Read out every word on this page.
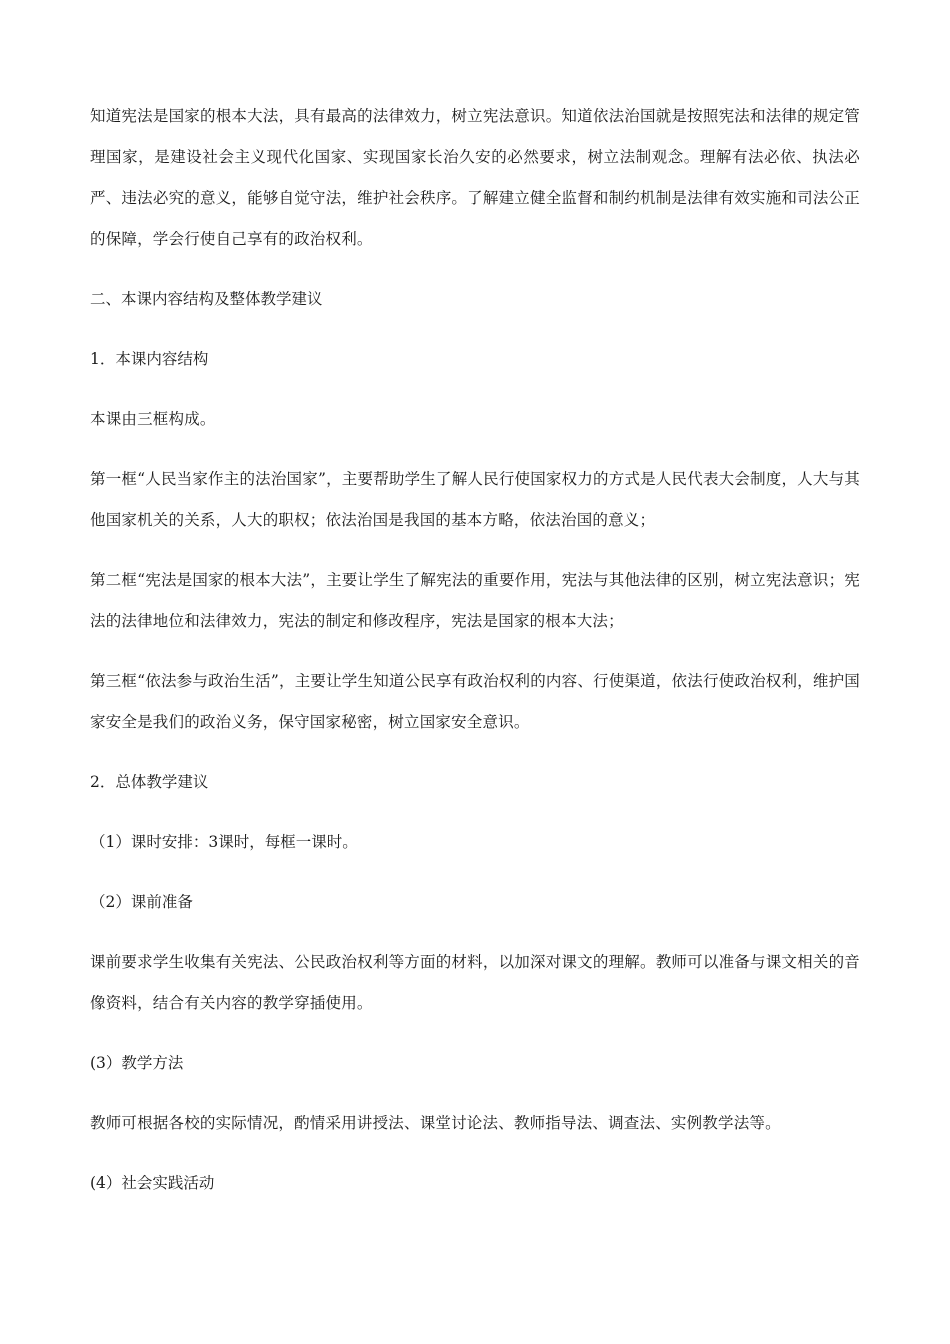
知道宪法是国家的根本大法，具有最高的法律效力，树立宪法意识。知道依法治国就是按照宪法和法律的规定管理国家，是建设社会主义现代化国家、实现国家长治久安的必然要求，树立法制观念。理解有法必依、执法必严、违法必究的意义，能够自觉守法，维护社会秩序。了解建立健全监督和制约机制是法律有效实施和司法公正的保障，学会行使自己享有的政治权利。

二、本课内容结构及整体教学建议

1．本课内容结构

本课由三框构成。

第一框“人民当家作主的法治国家”，主要帮助学生了解人民行使国家权力的方式是人民代表大会制度，人大与其他国家机关的关系，人大的职权；依法治国是我国的基本方略，依法治国的意义；

第二框“宪法是国家的根本大法”，主要让学生了解宪法的重要作用，宪法与其他法律的区别，树立宪法意识；宪法的法律地位和法律效力，宪法的制定和修改程序，宪法是国家的根本大法；

第三框“依法参与政治生活”，主要让学生知道公民享有政治权利的内容、行使渠道，依法行使政治权利，维护国家安全是我们的政治义务，保守国家秘密，树立国家安全意识。

2．总体教学建议

（1）课时安排：3课时，每框一课时。

（2）课前准备

课前要求学生收集有关宪法、公民政治权利等方面的材料，以加深对课文的理解。教师可以准备与课文相关的音像资料，结合有关内容的教学穿插使用。

(3）教学方法

教师可根据各校的实际情况，酌情采用讲授法、课堂讨论法、教师指导法、调查法、实例教学法等。

(4）社会实践活动
